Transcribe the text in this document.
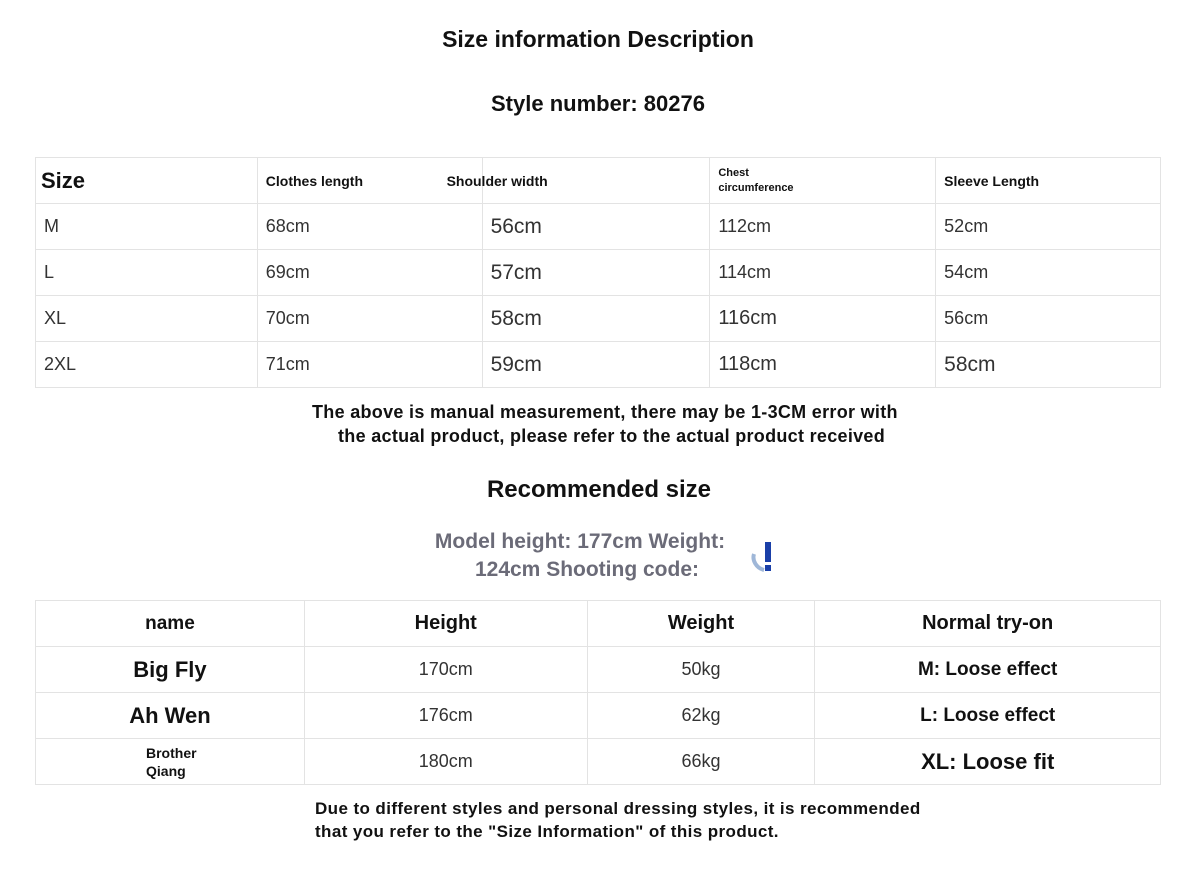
Size information Description
Style number: 80276
Size	Clothes length	Shoulder width	Chest circumference	Sleeve Length
M	68cm	56cm	112cm	52cm
L	69cm	57cm	114cm	54cm
XL	70cm	58cm	116cm	56cm
2XL	71cm	59cm	118cm	58cm
The above is manual measurement, there may be 1-3CM error with
the actual product, please refer to the actual product received
Recommended size
Model height: 177cm Weight:
124cm Shooting code:
name	Height	Weight	Normal try-on
Big Fly	170cm	50kg	M: Loose effect
Ah Wen	176cm	62kg	L: Loose effect

Brother Qiang	180cm	66kg	XL: Loose fit
Due to different styles and personal dressing styles, it is recommended
that you refer to the "Size Information" of this product.
